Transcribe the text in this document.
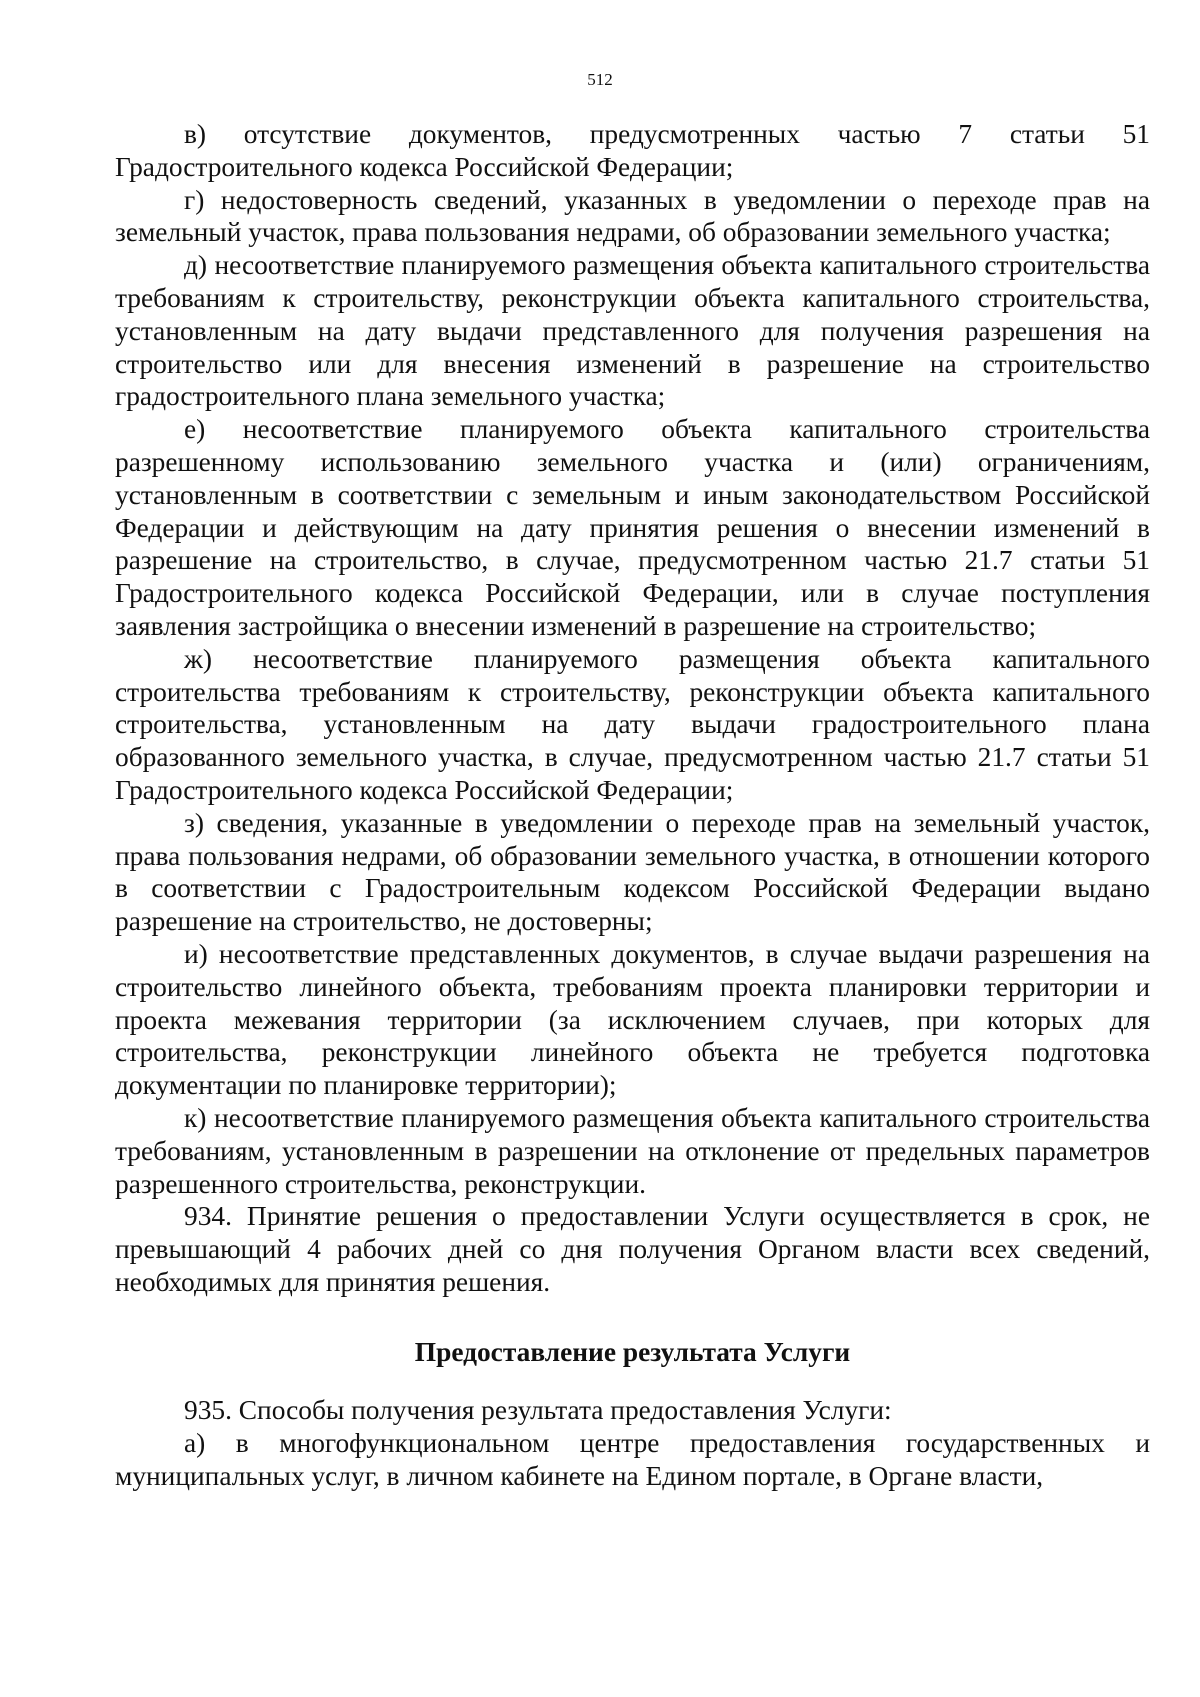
512

в) отсутствие документов, предусмотренных частью 7 статьи 51 Градостроительного кодекса Российской Федерации;

г) недостоверность сведений, указанных в уведомлении о переходе прав на земельный участок, права пользования недрами, об образовании земельного участка;

д) несоответствие планируемого размещения объекта капитального строительства требованиям к строительству, реконструкции объекта капитального строительства, установленным на дату выдачи представленного для получения разрешения на строительство или для внесения изменений в разрешение на строительство градостроительного плана земельного участка;

е) несоответствие планируемого объекта капитального строительства разрешенному использованию земельного участка и (или) ограничениям, установленным в соответствии с земельным и иным законодательством Российской Федерации и действующим на дату принятия решения о внесении изменений в разрешение на строительство, в случае, предусмотренном частью 21.7 статьи 51 Градостроительного кодекса Российской Федерации, или в случае поступления заявления застройщика о внесении изменений в разрешение на строительство;

ж) несоответствие планируемого размещения объекта капитального строительства требованиям к строительству, реконструкции объекта капитального строительства, установленным на дату выдачи градостроительного плана образованного земельного участка, в случае, предусмотренном частью 21.7 статьи 51 Градостроительного кодекса Российской Федерации;

з) сведения, указанные в уведомлении о переходе прав на земельный участок, права пользования недрами, об образовании земельного участка, в отношении которого в соответствии с Градостроительным кодексом Российской Федерации выдано разрешение на строительство, не достоверны;

и) несоответствие представленных документов, в случае выдачи разрешения на строительство линейного объекта, требованиям проекта планировки территории и проекта межевания территории (за исключением случаев, при которых для строительства, реконструкции линейного объекта не требуется подготовка документации по планировке территории);

к) несоответствие планируемого размещения объекта капитального строительства требованиям, установленным в разрешении на отклонение от предельных параметров разрешенного строительства, реконструкции.

934. Принятие решения о предоставлении Услуги осуществляется в срок, не превышающий 4 рабочих дней со дня получения Органом власти всех сведений, необходимых для принятия решения.

Предоставление результата Услуги

935. Способы получения результата предоставления Услуги:

а) в многофункциональном центре предоставления государственных и муниципальных услуг, в личном кабинете на Едином портале, в Органе власти,
